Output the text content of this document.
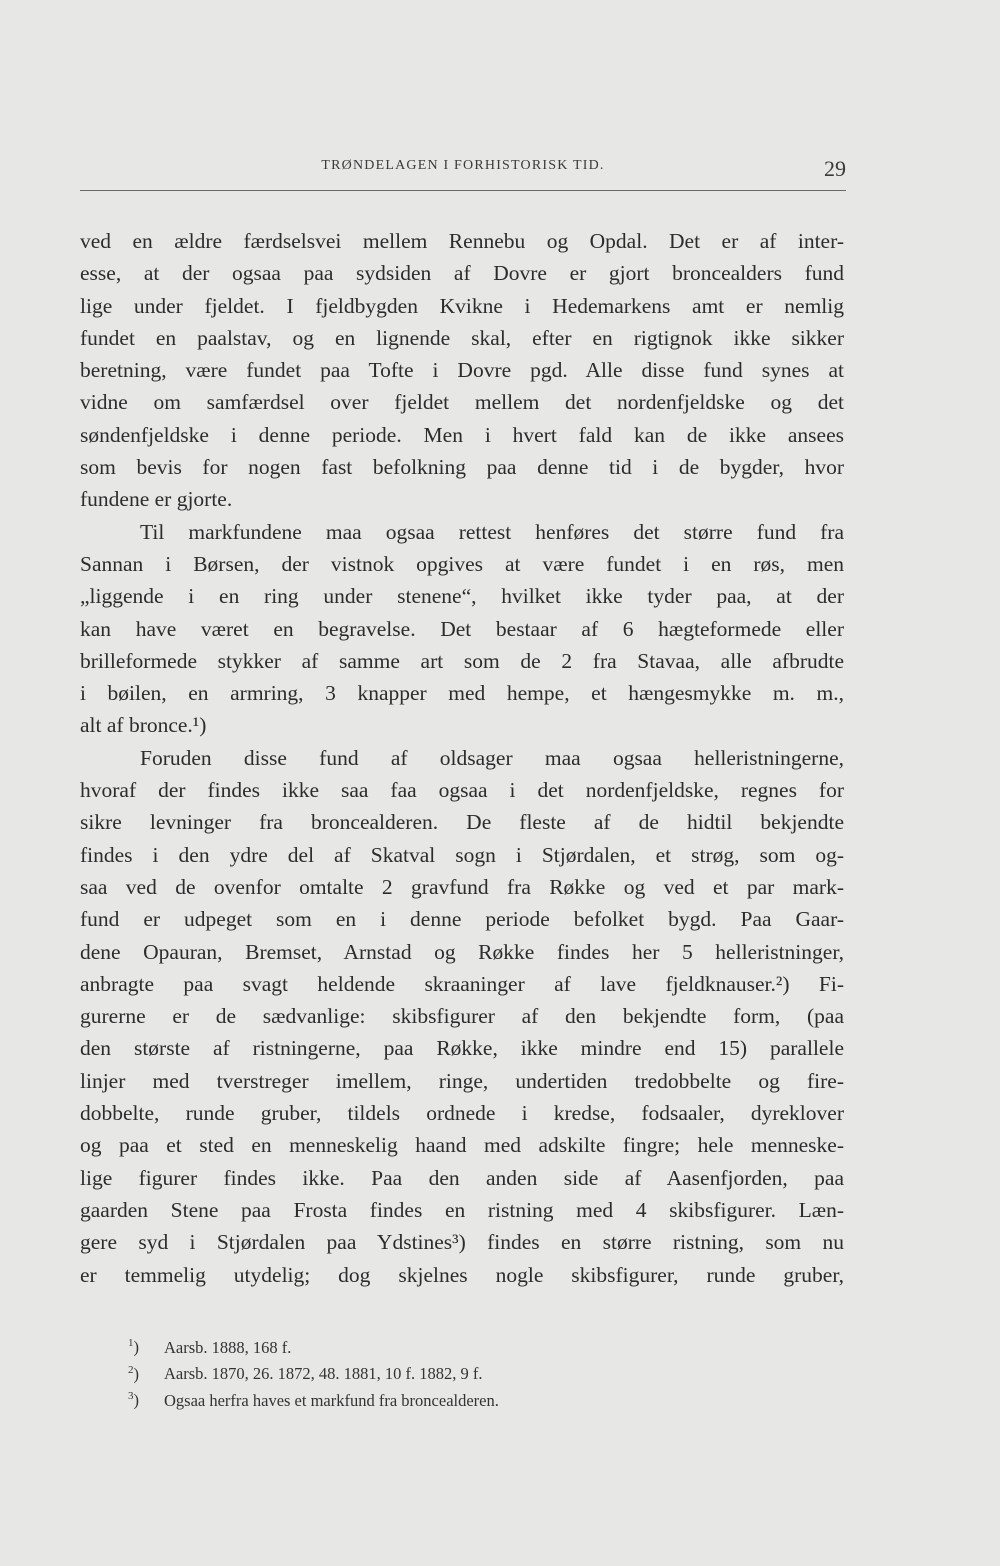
TRØNDELAGEN I FORHISTORISK TID.	29
ved en ældre færdselsvei mellem Rennebu og Opdal. Det er af inter-
esse, at der ogsaa paa sydsiden af Dovre er gjort broncealders fund
lige under fjeldet. I fjeldbygden Kvikne i Hedemarkens amt er nemlig
fundet en paalstav, og en lignende skal, efter en rigtignok ikke sikker
beretning, være fundet paa Tofte i Dovre pgd. Alle disse fund synes at
vidne om samfærdsel over fjeldet mellem det nordenfjeldske og det
søndenfjeldske i denne periode. Men i hvert fald kan de ikke ansees
som bevis for nogen fast befolkning paa denne tid i de bygder, hvor
fundene er gjorte.
Til markfundene maa ogsaa rettest henføres det større fund fra
Sannan i Børsen, der vistnok opgives at være fundet i en røs, men
„liggende i en ring under stenene“, hvilket ikke tyder paa, at der
kan have været en begravelse. Det bestaar af 6 hægteformede eller
brilleformede stykker af samme art som de 2 fra Stavaa, alle afbrudte
i bøilen, en armring, 3 knapper med hempe, et hængesmykke m. m.,
alt af bronce.¹)
Foruden disse fund af oldsager maa ogsaa helleristningerne,
hvoraf der findes ikke saa faa ogsaa i det nordenfjeldske, regnes for
sikre levninger fra broncealderen. De fleste af de hidtil bekjendte
findes i den ydre del af Skatval sogn i Stjørdalen, et strøg, som og-
saa ved de ovenfor omtalte 2 gravfund fra Røkke og ved et par mark-
fund er udpeget som en i denne periode befolket bygd. Paa Gaar-
dene Opauran, Bremset, Arnstad og Røkke findes her 5 helleristninger,
anbragte paa svagt heldende skraaninger af lave fjeldknauser.²) Fi-
gurerne er de sædvanlige: skibsfigurer af den bekjendte form, (paa
den største af ristningerne, paa Røkke, ikke mindre end 15) parallele
linjer med tverstreger imellem, ringe, undertiden tredobbelte og fire-
dobbelte, runde gruber, tildels ordnede i kredse, fodsaaler, dyreklover
og paa et sted en menneskelig haand med adskilte fingre; hele menneske-
lige figurer findes ikke. Paa den anden side af Aasenfjorden, paa
gaarden Stene paa Frosta findes en ristning med 4 skibsfigurer. Læn-
gere syd i Stjørdalen paa Ydstines³) findes en større ristning, som nu
er temmelig utydelig; dog skjelnes nogle skibsfigurer, runde gruber,
$^1$)	Aarsb. 1888, 168 f.
$^2$)	Aarsb. 1870, 26. 1872, 48. 1881, 10 f. 1882, 9 f.
$^3$)	Ogsaa herfra haves et markfund fra broncealderen.
